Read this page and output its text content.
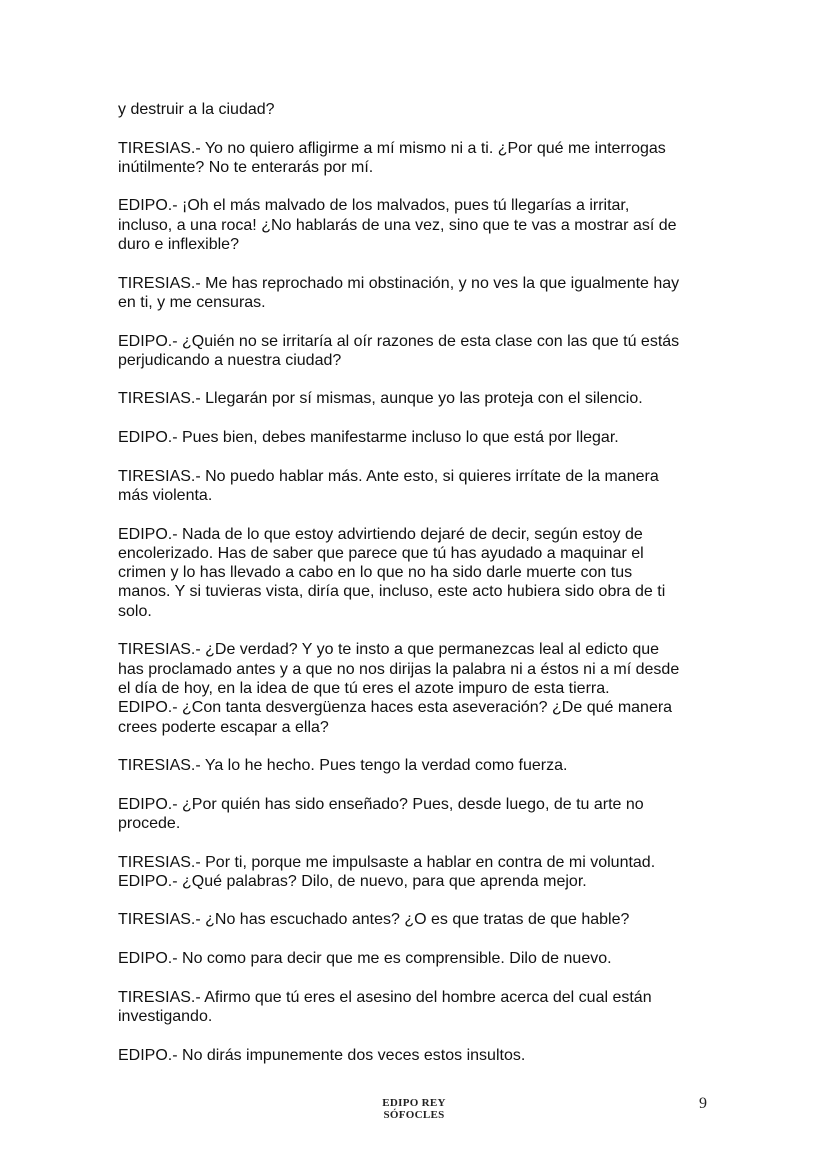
y destruir a la ciudad?

TIRESIAS.- Yo no quiero afligirme a mí mismo ni a ti. ¿Por qué me interrogas
inútilmente? No te enterarás por mí.

EDIPO.- ¡Oh el más malvado de los malvados, pues tú llegarías a irritar,
incluso, a una roca! ¿No hablarás de una vez, sino que te vas a mostrar así de
duro e inflexible?

TIRESIAS.- Me has reprochado mi obstinación, y no ves la que igualmente hay
en ti, y me censuras.

EDIPO.- ¿Quién no se irritaría al oír razones de esta clase con las que tú estás
perjudicando a nuestra ciudad?

TIRESIAS.- Llegarán por sí mismas, aunque yo las proteja con el silencio.

EDIPO.- Pues bien, debes manifestarme incluso lo que está por llegar.

TIRESIAS.- No puedo hablar más. Ante esto, si quieres irrítate de la manera
más violenta.

EDIPO.- Nada de lo que estoy advirtiendo dejaré de decir, según estoy de
encolerizado. Has de saber que parece que tú has ayudado a maquinar el
crimen y lo has llevado a cabo en lo que no ha sido darle muerte con tus
manos. Y si tuvieras vista, diría que, incluso, este acto hubiera sido obra de ti
solo.

TIRESIAS.- ¿De verdad? Y yo te insto a que permanezcas leal al edicto que
has proclamado antes y a que no nos dirijas la palabra ni a éstos ni a mí desde
el día de hoy, en la idea de que tú eres el azote impuro de esta tierra.
EDIPO.- ¿Con tanta desvergüenza haces esta aseveración? ¿De qué manera
crees poderte escapar a ella?

TIRESIAS.- Ya lo he hecho. Pues tengo la verdad como fuerza.

EDIPO.- ¿Por quién has sido enseñado? Pues, desde luego, de tu arte no
procede.

TIRESIAS.- Por ti, porque me impulsaste a hablar en contra de mi voluntad.
EDIPO.- ¿Qué palabras? Dilo, de nuevo, para que aprenda mejor.

TIRESIAS.- ¿No has escuchado antes? ¿O es que tratas de que hable?

EDIPO.- No como para decir que me es comprensible. Dilo de nuevo.

TIRESIAS.- Afirmo que tú eres el asesino del hombre acerca del cual están
investigando.

EDIPO.- No dirás impunemente dos veces estos insultos.

EDIPO REY
SÓFOCLES
9
